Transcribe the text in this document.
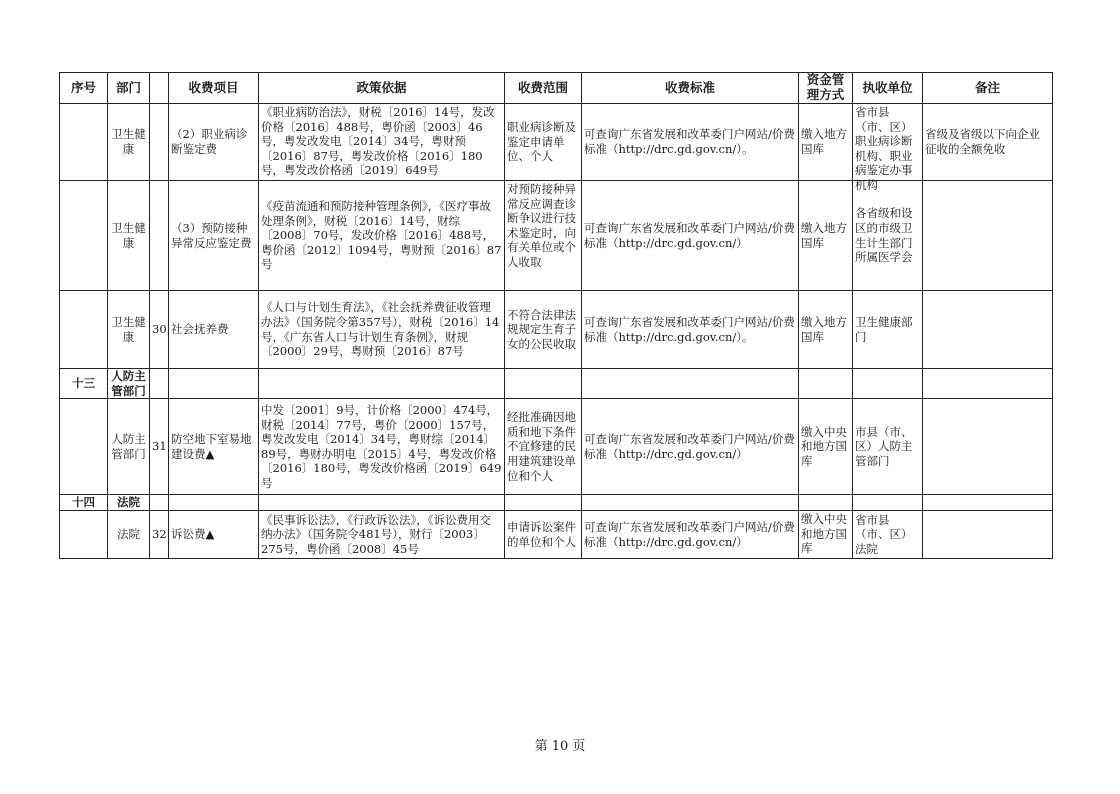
序号	部门		收费项目	政策依据	收费范围	收费标准	资金管理方式	执收单位	备注
	卫生健康		（2）职业病诊断鉴定费	《职业病防治法》，财税〔2016〕14号，发改价格〔2016〕488号，粤价函〔2003〕46号，粤发改发电〔2014〕34号，粤财预〔2016〕87号，粤发改价格〔2016〕180号，粤发改价格函〔2019〕649号	职业病诊断及鉴定申请单位、个人	可查询广东省发展和改革委门户网站/价费标准（http://drc.gd.gov.cn/）。	缴入地方国库	省市县（市、区）职业病诊断机构、职业病鉴定办事机构	省级及省级以下向企业征收的全额免收
	卫生健康		（3）预防接种异常反应鉴定费	《疫苗流通和预防接种管理条例》，《医疗事故处理条例》，财税〔2016〕14号，财综〔2008〕70号，发改价格〔2016〕488号，粤价函〔2012〕1094号，粤财预〔2016〕87号	对预防接种异常反应调查诊断争议进行技术鉴定时，向有关单位或个人收取	可查询广东省发展和改革委门户网站/价费标准（http://drc.gd.gov.cn/）	缴入地方国库	各省级和设区的市级卫生计生部门所属医学会	
	卫生健康	30	社会抚养费	《人口与计划生育法》，《社会抚养费征收管理办法》（国务院令第357号），财税〔2016〕14号，《广东省人口与计划生育条例》，财规〔2000〕29号，粤财预〔2016〕87号	不符合法律法规规定生育子女的公民收取	可查询广东省发展和改革委门户网站/价费标准（http://drc.gd.gov.cn/）。	缴入地方国库	卫生健康部门	
十三	人防主管部门								
	人防主管部门	31	防空地下室易地建设费▲	中发〔2001〕9号，计价格〔2000〕474号，财税〔2014〕77号，粤价〔2000〕157号，粤发改发电〔2014〕34号，粤财综〔2014〕89号，粤财办明电〔2015〕4号，粤发改价格〔2016〕180号，粤发改价格函〔2019〕649号	经批准确因地质和地下条件不宜修建的民用建筑建设单位和个人	可查询广东省发展和改革委门户网站/价费标准（http://drc.gd.gov.cn/）	缴入中央和地方国库	市县（市、区）人防主管部门	
十四	法院								
	法院	32	诉讼费▲	《民事诉讼法》，《行政诉讼法》，《诉讼费用交纳办法》（国务院令481号），财行〔2003〕275号，粤价函〔2008〕45号	申请诉讼案件的单位和个人	可查询广东省发展和改革委门户网站/价费标准（http://drc.gd.gov.cn/）	缴入中央和地方国库	省市县（市、区）法院	
第 10 页
